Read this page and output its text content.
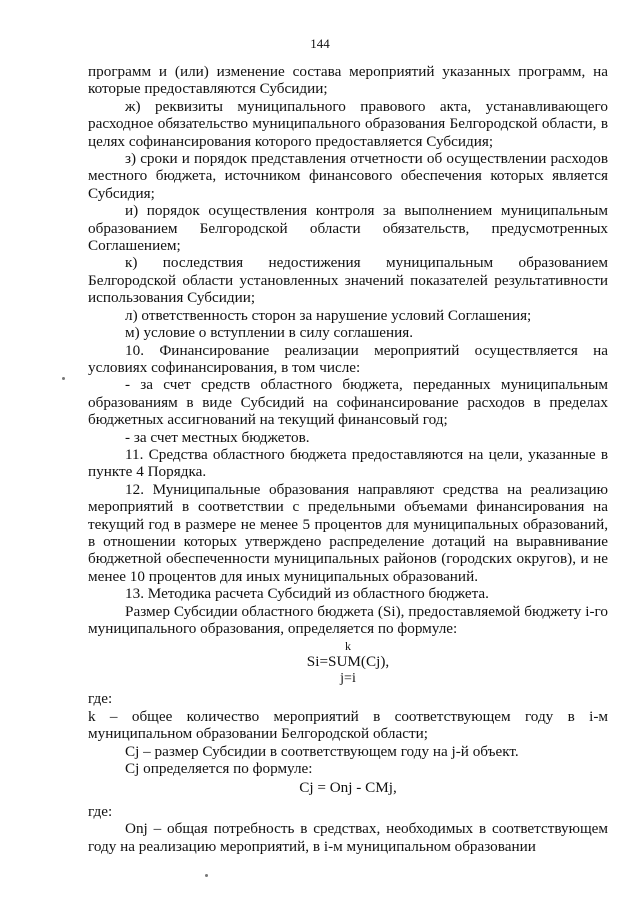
144

программ и (или) изменение состава мероприятий указанных программ, на которые предоставляются Субсидии;

ж) реквизиты муниципального правового акта, устанавливающего расходное обязательство муниципального образования Белгородской области, в целях софинансирования которого предоставляется Субсидия;

з) сроки и порядок представления отчетности об осуществлении расходов местного бюджета, источником финансового обеспечения которых является Субсидия;

и) порядок осуществления контроля за выполнением муниципальным образованием Белгородской области обязательств, предусмотренных Соглашением;

к) последствия недостижения муниципальным образованием Белгородской области установленных значений показателей результативности использования Субсидии;

л) ответственность сторон за нарушение условий Соглашения;

м) условие о вступлении в силу соглашения.

10. Финансирование реализации мероприятий осуществляется на условиях софинансирования, в том числе:

- за счет средств областного бюджета, переданных муниципальным образованиям в виде Субсидий на софинансирование расходов в пределах бюджетных ассигнований на текущий финансовый год;

- за счет местных бюджетов.

11. Средства областного бюджета предоставляются на цели, указанные в пункте 4 Порядка.

12. Муниципальные образования направляют средства на реализацию мероприятий в соответствии с предельными объемами финансирования на текущий год в размере не менее 5 процентов для муниципальных образований, в отношении которых утверждено распределение дотаций на выравнивание бюджетной обеспеченности муниципальных районов (городских округов), и не менее 10 процентов для иных муниципальных образований.

13. Методика расчета Субсидий из областного бюджета.

Размер Субсидии областного бюджета (Si), предоставляемой бюджету i-го муниципального образования, определяется по формуле:

k

Si=SUM(Cj),

j=i

где:

k – общее количество мероприятий в соответствующем году в i-м муниципальном образовании Белгородской области;

Cj – размер Субсидии в соответствующем году на j-й объект.

Cj определяется по формуле:

Cj = Onj - CMj,

где:

Onj – общая потребность в средствах, необходимых в соответствующем году на реализацию мероприятий, в i-м муниципальном образовании
